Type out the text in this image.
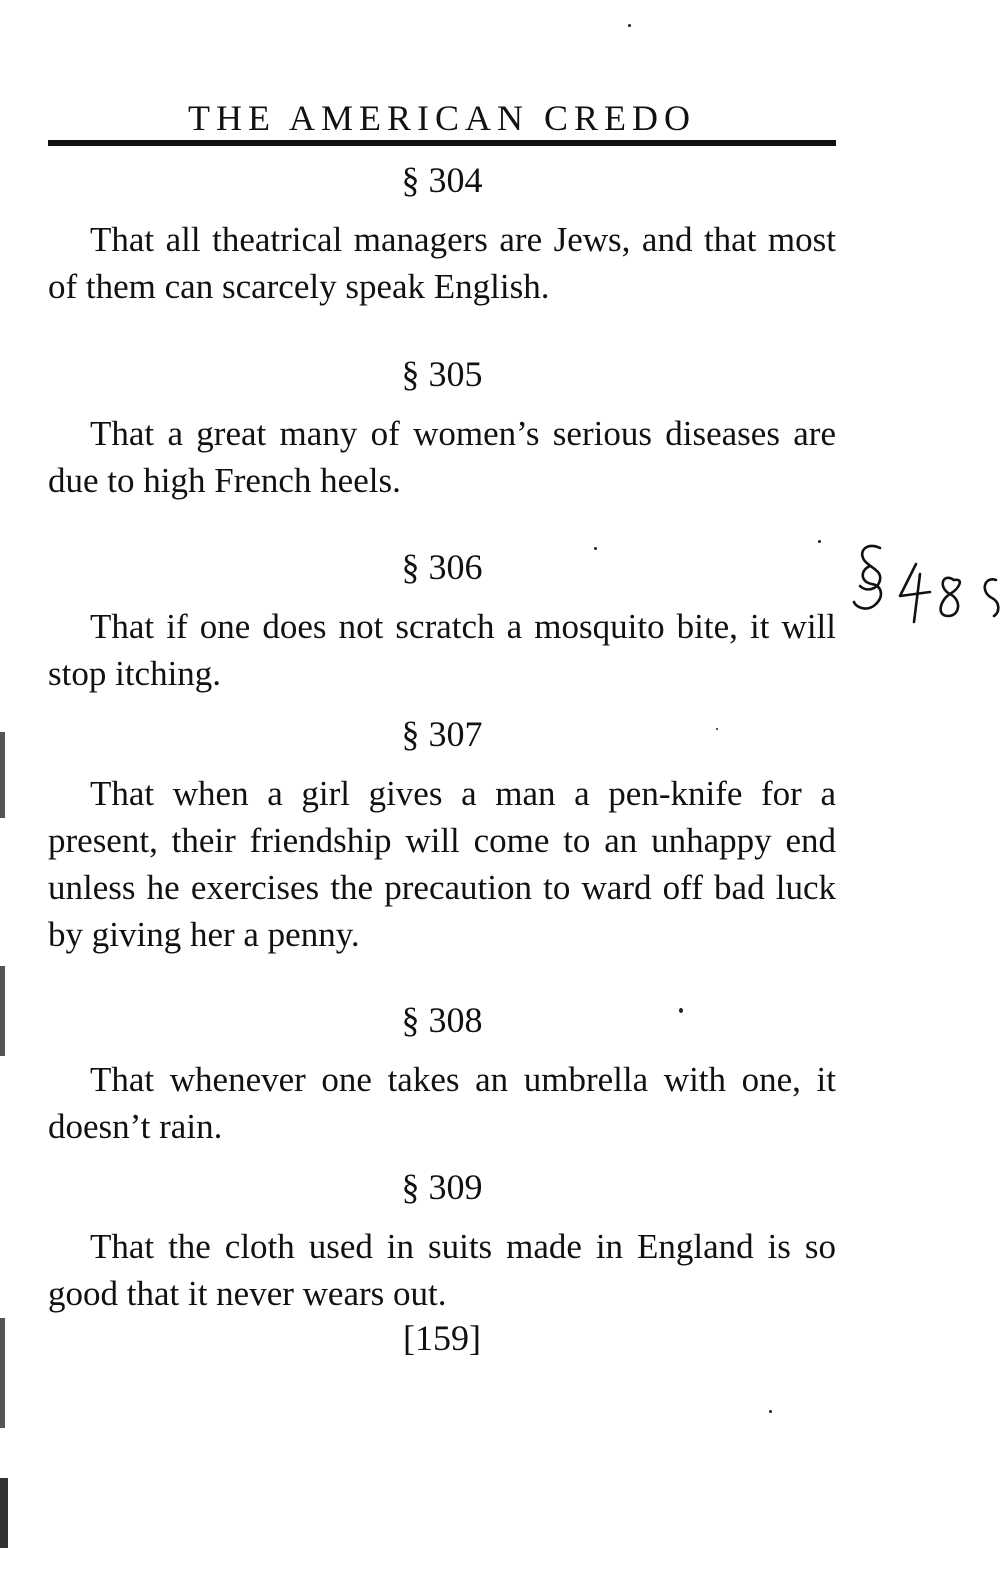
THE AMERICAN CREDO
§ 304

That all theatrical managers are Jews, and that most of them can scarcely speak English.

§ 305

That a great many of women’s serious diseases are due to high French heels.

§ 306

That if one does not scratch a mosquito bite, it will stop itching.

§ 307

That when a girl gives a man a pen-knife for a present, their friendship will come to an unhappy end unless he exercises the precaution to ward off bad luck by giving her a penny.

§ 308

That whenever one takes an umbrella with one, it doesn’t rain.

§ 309

That the cloth used in suits made in England is so good that it never wears out.

[159]
